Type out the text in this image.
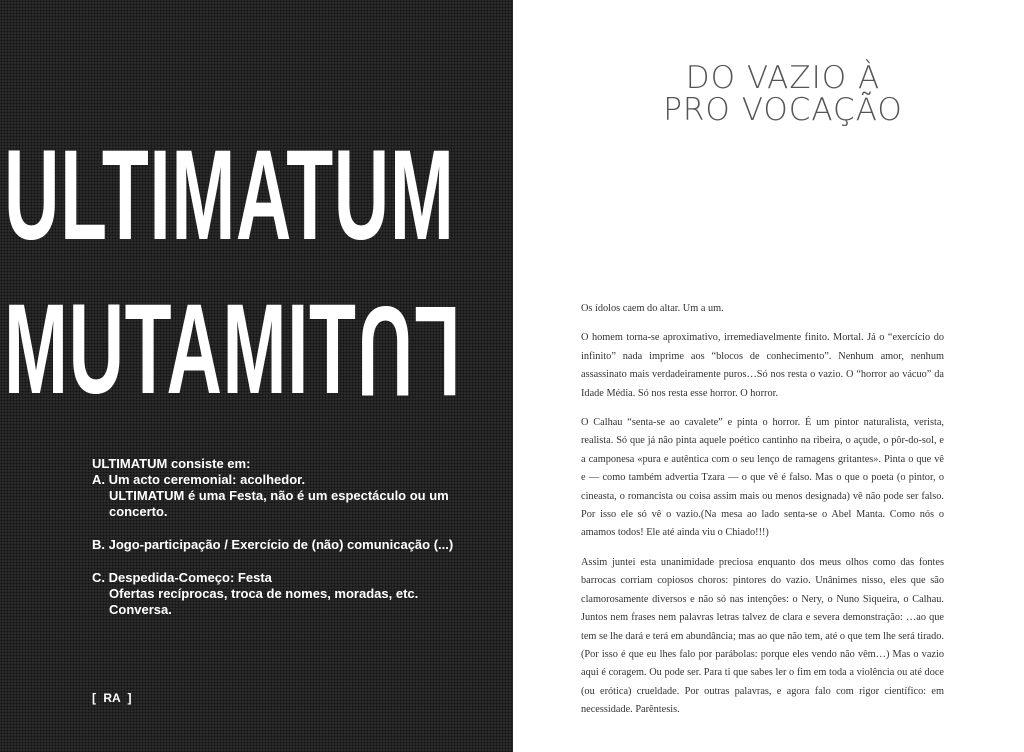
ULTIMATUM
MUTAMITLU

ULTIMATUM consiste em:

A. Um acto ceremonial: acolhedor.

ULTIMATUM é uma Festa, não é um espectáculo ou um concerto.

B. Jogo-participação / Exercício de (não) comunicação (...)

C. Despedida-Começo: Festa

Ofertas recíprocas, troca de nomes, moradas, etc.

Conversa.

[ RA ]
DO VAZIO À
PRO VOCAÇÃO

Os ídolos caem do altar. Um a um.

O homem torna-se aproximativo, irremediavelmente finito. Mortal. Já o “exercício do infinito” nada imprime aos “blocos de conhecimento”. Nenhum amor, nenhum assassinato mais verdadeiramente puros…Só nos resta o vazio. O “horror ao vácuo” da Idade Média. Só nos resta esse horror. O horror.

O Calhau “senta-se ao cavalete” e pinta o horror. É um pintor naturalista, verista, realista. Só que já não pinta aquele poético cantinho na ribeira, o açude, o pôr-do-sol, e a camponesa «pura e autêntica com o seu lenço de ramagens gritantes». Pinta o que vê e — como também advertia Tzara — o que vê é falso. Mas o que o poeta (o pintor, o cineasta, o romancista ou coisa assim mais ou menos designada) vê não pode ser falso. Por isso ele só vê o vazio.(Na mesa ao lado senta-se o Abel Manta. Como nós o amamos todos! Ele até ainda viu o Chiado!!!)

Assim juntei esta unanimidade preciosa enquanto dos meus olhos como das fontes barrocas corriam copiosos choros: pintores do vazio. Unânimes nisso, eles que são clamorosamente diversos e não só nas intenções: o Nery, o Nuno Siqueira, o Calhau. Juntos nem frases nem palavras letras talvez de clara e severa demonstração: …ao que tem se lhe dará e terá em abundância; mas ao que não tem, até o que tem lhe será tirado. (Por isso é que eu lhes falo por parábolas: porque eles vendo não vêm…) Mas o vazio aqui é coragem. Ou pode ser. Para ti que sabes ler o fim em toda a violência ou até doce (ou erótica) crueldade. Por outras palavras, e agora falo com rigor científico: em necessidade. Parêntesis.
